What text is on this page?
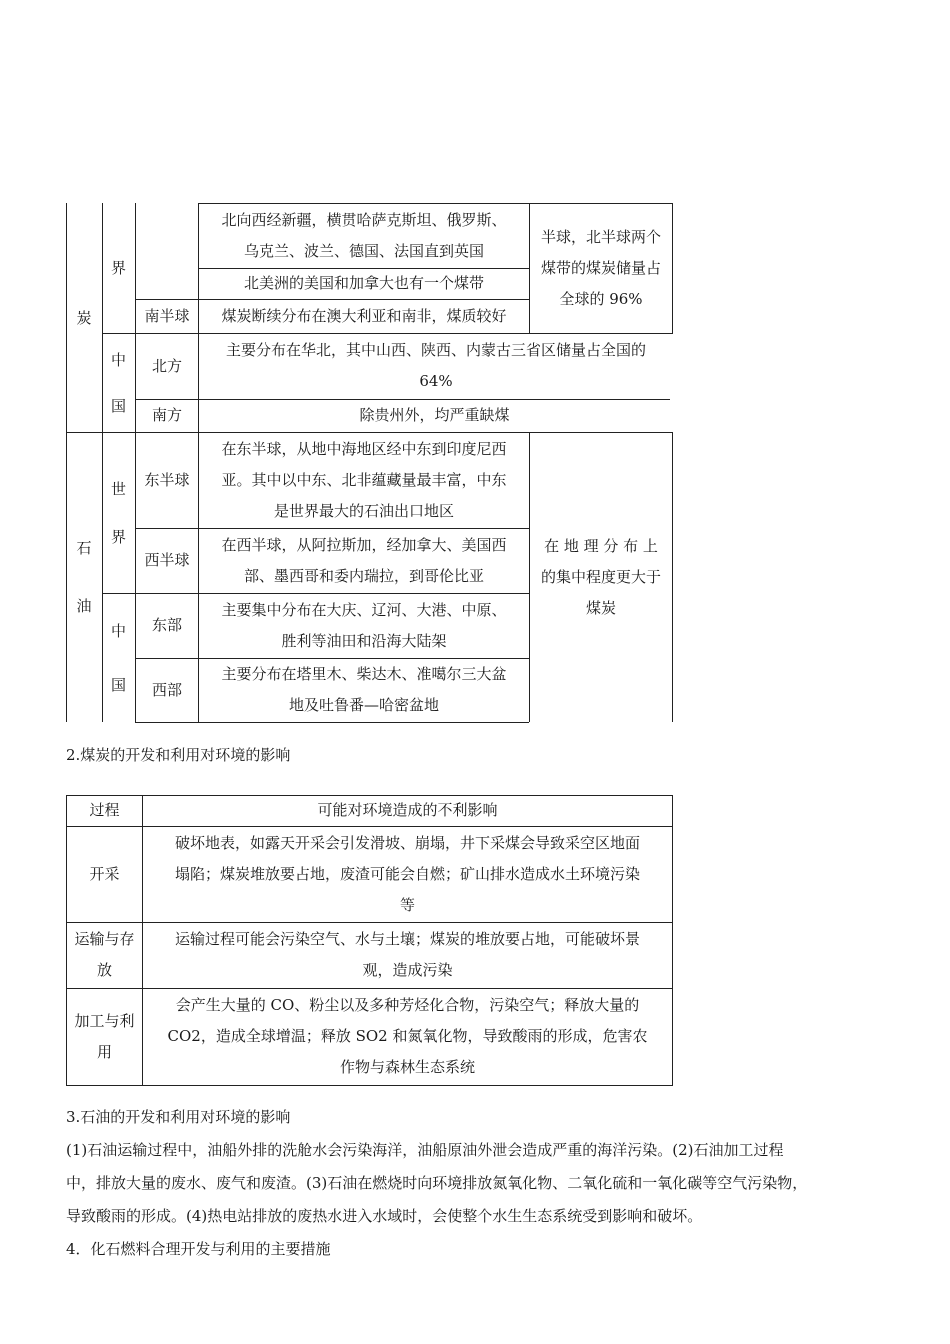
炭
界
北向西经新疆，横贯哈萨克斯坦、俄罗斯、
乌克兰、波兰、德国、法国直到英国
北美洲的美国和加拿大也有一个煤带
南半球 煤炭断续分布在澳大利亚和南非，煤质较好
半球，北半球两个
煤带的煤炭储量占
全球的 96%
中
国
北方
主要分布在华北，其中山西、陕西、内蒙古三省区储量占全国的
64%
南方	除贵州外，均严重缺煤
石
油
世
界
东半球
在东半球，从地中海地区经中东到印度尼西
亚。其中以中东、北非蕴藏量最丰富，中东
是世界最大的石油出口地区
西半球
在西半球，从阿拉斯加，经加拿大、美国西
部、墨西哥和委内瑞拉，到哥伦比亚
在 地 理 分 布 上
的集中程度更大于
煤炭
中
国
东部
主要集中分布在大庆、辽河、大港、中原、
胜利等油田和沿海大陆架
西部
主要分布在塔里木、柴达木、准噶尔三大盆
地及吐鲁番—哈密盆地
2.煤炭的开发和利用对环境的影响
过程	可能对环境造成的不利影响
开采
破坏地表，如露天开采会引发滑坡、崩塌，井下采煤会导致采空区地面
塌陷；煤炭堆放要占地，废渣可能会自燃；矿山排水造成水土环境污染
等
运输与存
放
运输过程可能会污染空气、水与土壤；煤炭的堆放要占地，可能破坏景
观，造成污染
加工与利
用
会产生大量的 CO、粉尘以及多种芳烃化合物，污染空气；释放大量的
CO2，造成全球增温；释放 SO2 和氮氧化物，导致酸雨的形成，危害农
作物与森林生态系统
3.石油的开发和利用对环境的影响
(1)石油运输过程中，油船外排的洗舱水会污染海洋，油船原油外泄会造成严重的海洋污染。(2)石油加工过程
中，排放大量的废水、废气和废渣。(3)石油在燃烧时向环境排放氮氧化物、二氧化硫和一氧化碳等空气污染物，
导致酸雨的形成。(4)热电站排放的废热水进入水域时，会使整个水生生态系统受到影响和破坏。
4．化石燃料合理开发与利用的主要措施
